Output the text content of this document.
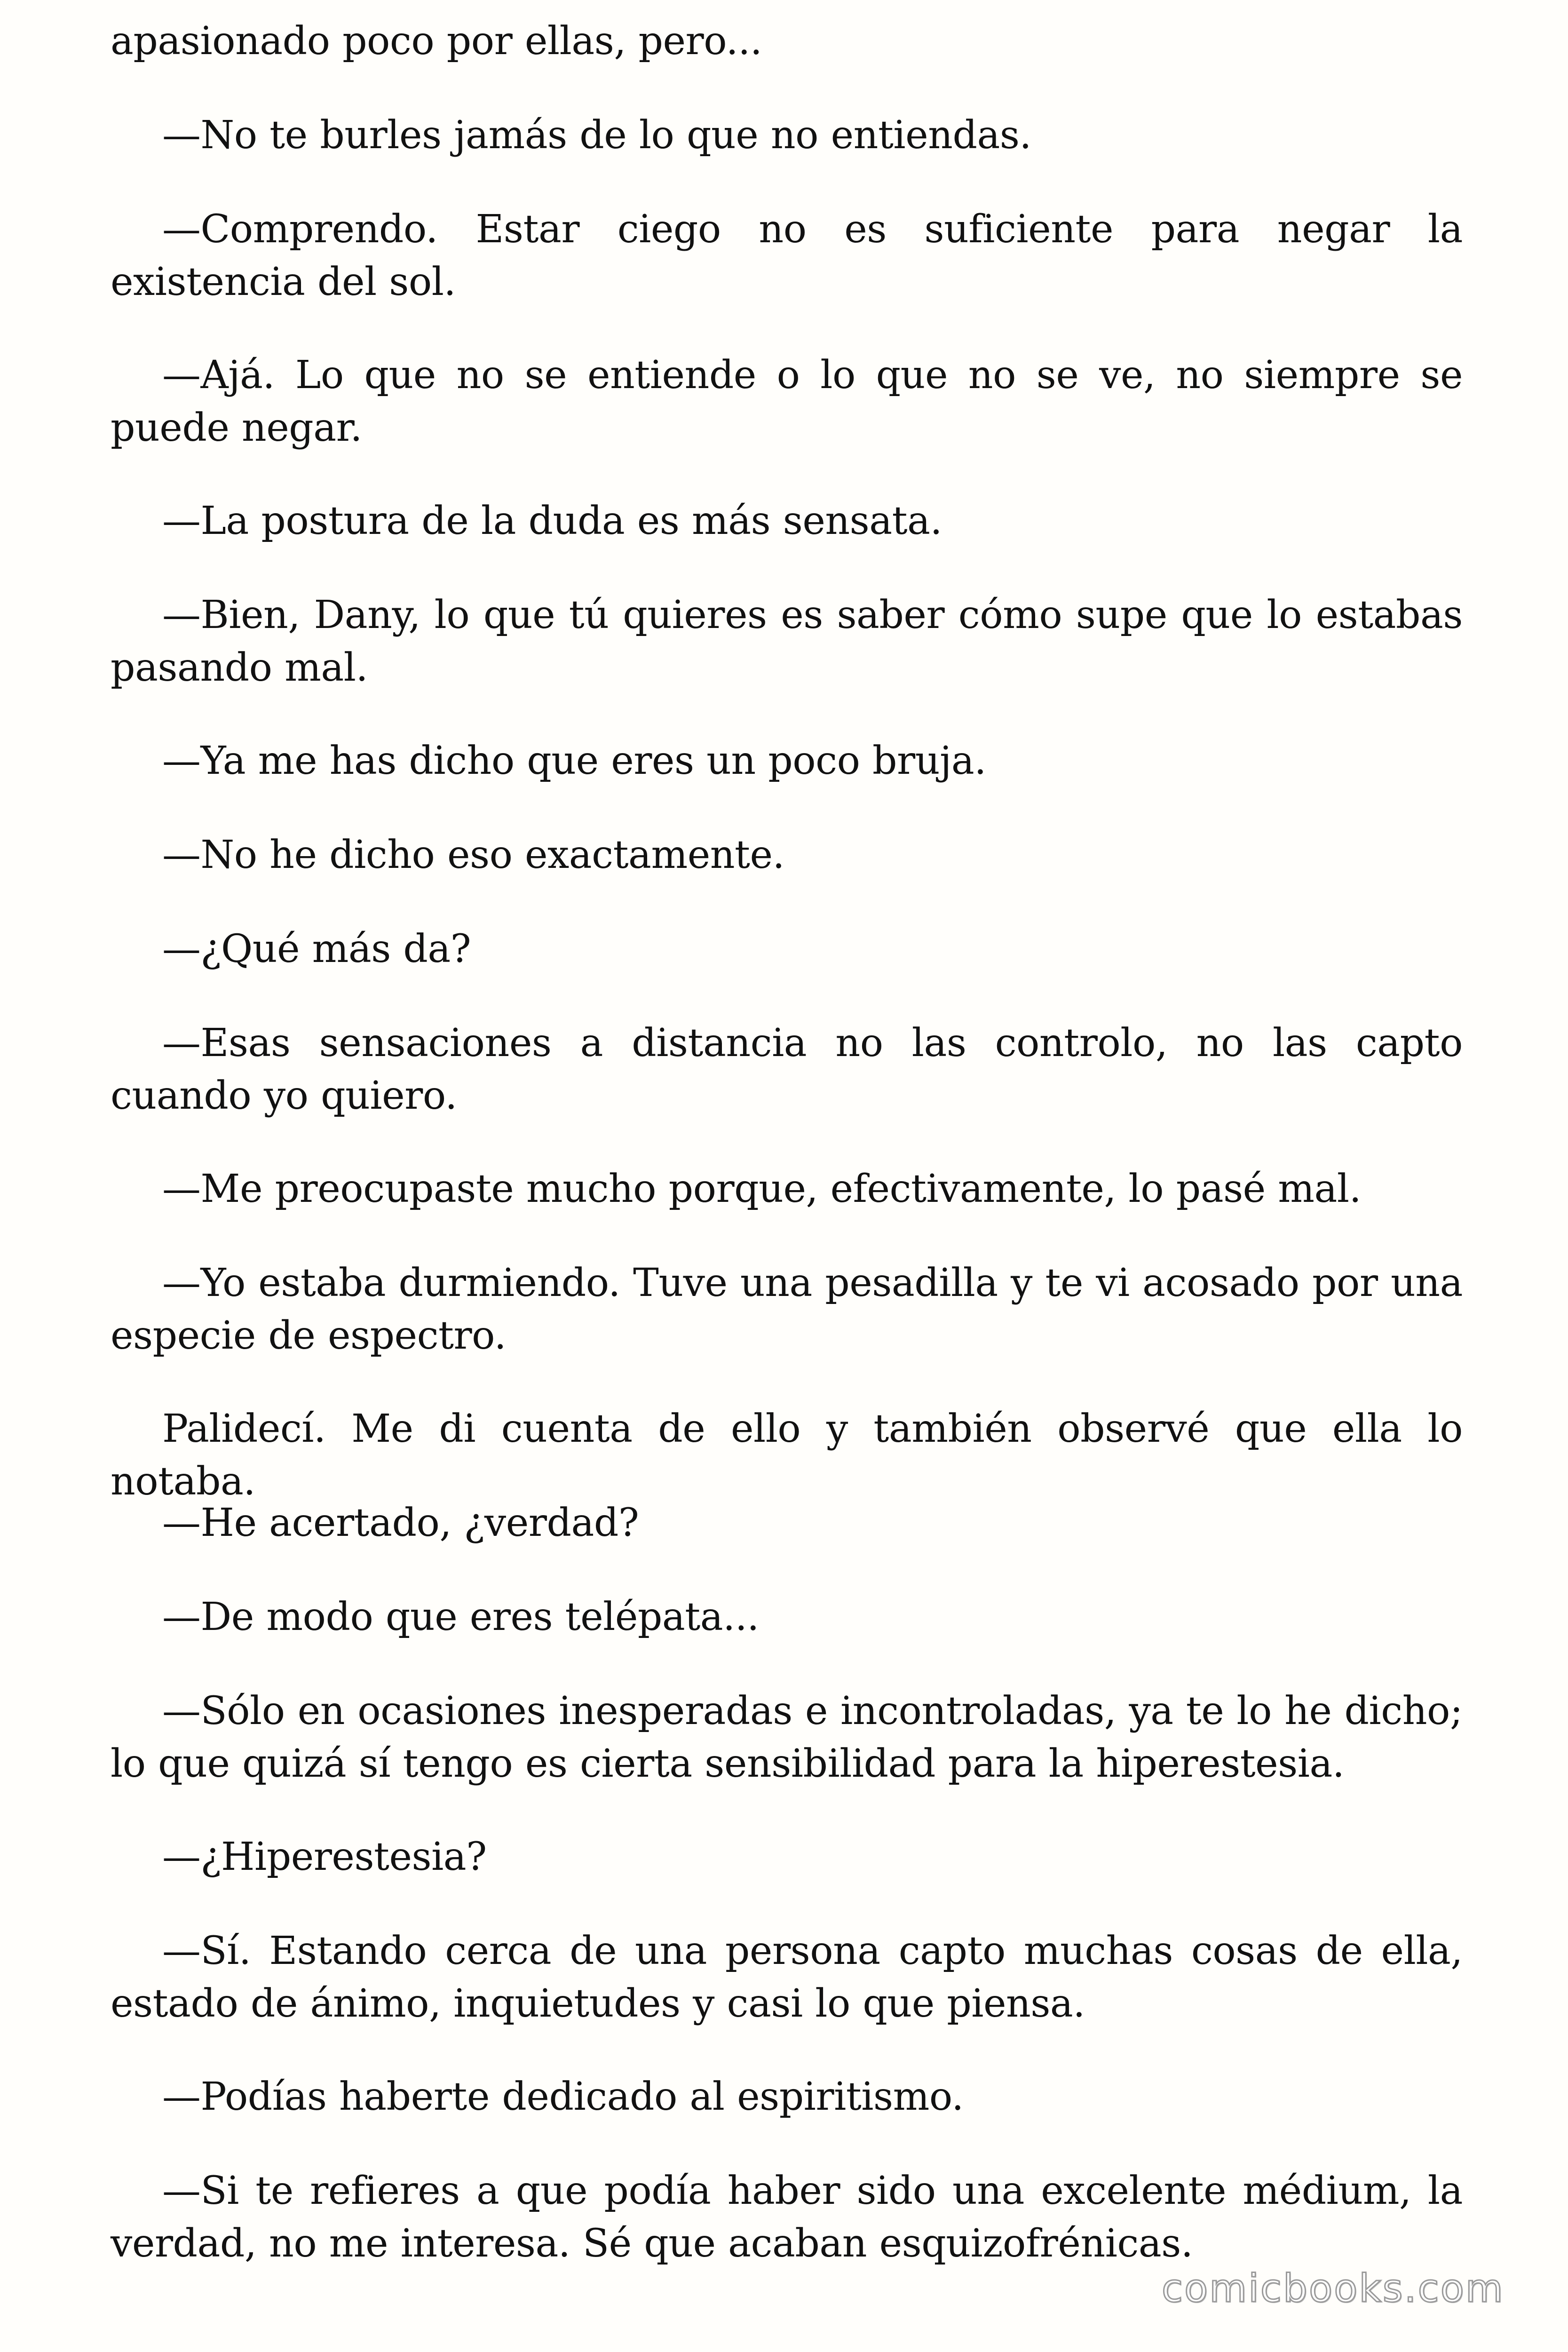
apasionado poco por ellas, pero...

—No te burles jamás de lo que no entiendas.

—Comprendo. Estar ciego no es suficiente para negar la existencia del sol.

—Ajá. Lo que no se entiende o lo que no se ve, no siempre se puede negar.

—La postura de la duda es más sensata.

—Bien, Dany, lo que tú quieres es saber cómo supe que lo estabas pasando mal.

—Ya me has dicho que eres un poco bruja.

—No he dicho eso exactamente.

—¿Qué más da?

—Esas sensaciones a distancia no las controlo, no las capto cuando yo quiero.

—Me preocupaste mucho porque, efectivamente, lo pasé mal.

—Yo estaba durmiendo. Tuve una pesadilla y te vi acosado por una especie de espectro.

Palidecí. Me di cuenta de ello y también observé que ella lo notaba.

—He acertado, ¿verdad?

—De modo que eres telépata...

—Sólo en ocasiones inesperadas e incontroladas, ya te lo he dicho; lo que quizá sí tengo es cierta sensibilidad para la hiperestesia.

—¿Hiperestesia?

—Sí. Estando cerca de una persona capto muchas cosas de ella, estado de ánimo, inquietudes y casi lo que piensa.

—Podías haberte dedicado al espiritismo.

—Si te refieres a que podía haber sido una excelente médium, la verdad, no me interesa. Sé que acaban esquizofrénicas.

comicbooks.com
